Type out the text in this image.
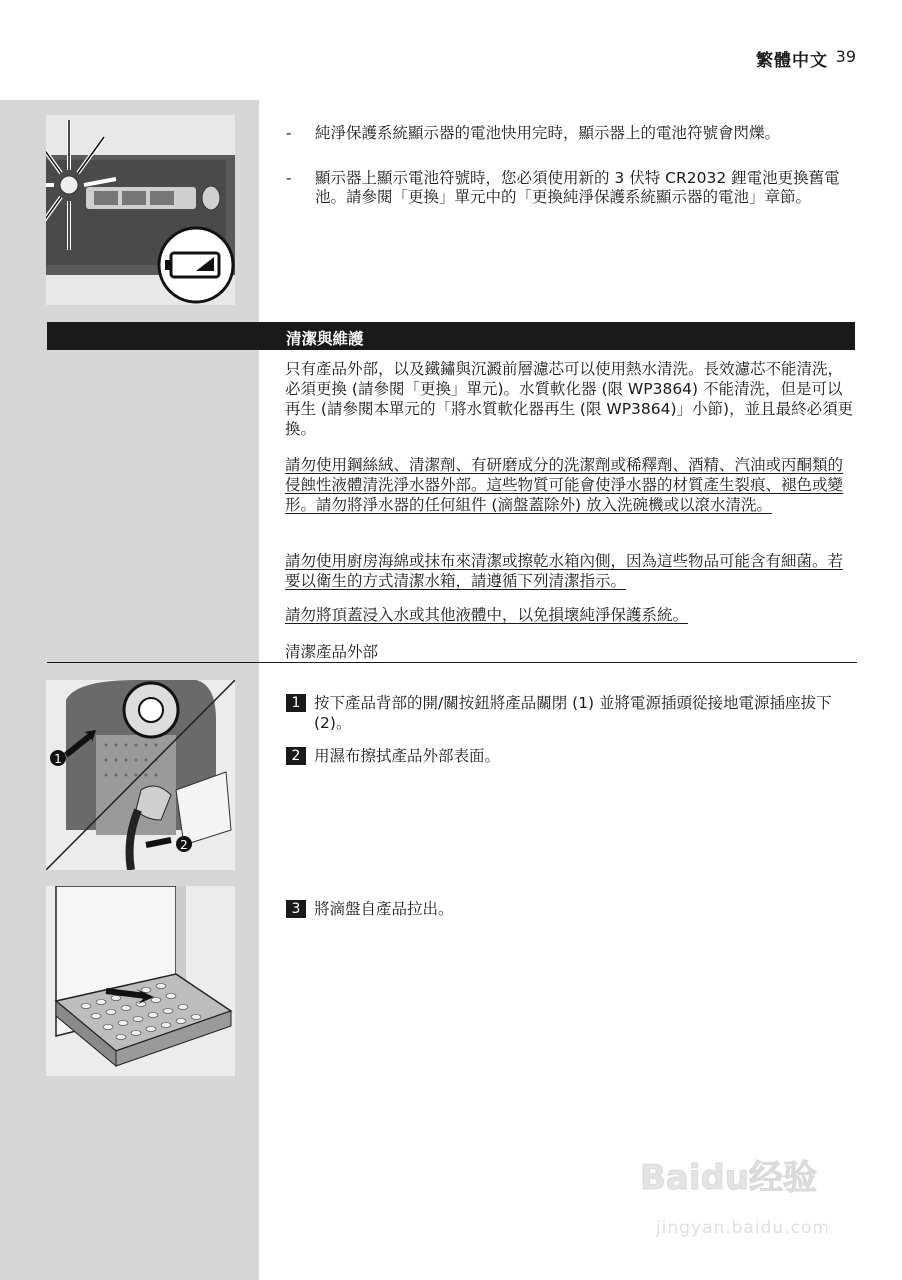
繁體中文 39
- 純淨保護系統顯示器的電池快用完時，顯示器上的電池符號會閃爍。
- 顯示器上顯示電池符號時，您必須使用新的 3 伏特 CR2032 鋰電池更換舊電池。請參閱「更換」單元中的「更換純淨保護系統顯示器的電池」章節。
清潔與維護
只有產品外部，以及鐵鏽與沉澱前層濾芯可以使用熱水清洗。長效濾芯不能清洗，必須更換 (請參閱「更換」單元)。水質軟化器 (限 WP3864) 不能清洗，但是可以再生 (請參閱本單元的「將水質軟化器再生 (限 WP3864)」小節)，並且最終必須更換。
請勿使用鋼絲絨、清潔劑、有研磨成分的洗潔劑或稀釋劑、酒精、汽油或丙酮類的侵蝕性液體清洗淨水器外部。這些物質可能會使淨水器的材質產生裂痕、褪色或變形。請勿將淨水器的任何組件 (滴盤蓋除外) 放入洗碗機或以滾水清洗。
請勿使用廚房海綿或抹布來清潔或擦乾水箱內側，因為這些物品可能含有細菌。若要以衛生的方式清潔水箱，請遵循下列清潔指示。
請勿將頂蓋浸入水或其他液體中，以免損壞純淨保護系統。
清潔產品外部
1
2
1 按下產品背部的開/關按鈕將產品關閉 (1) 並將電源插頭從接地電源插座拔下 (2)。
2 用濕布擦拭產品外部表面。
3 將滴盤自產品拉出。
Baidu经验
jingyan.baidu.com
